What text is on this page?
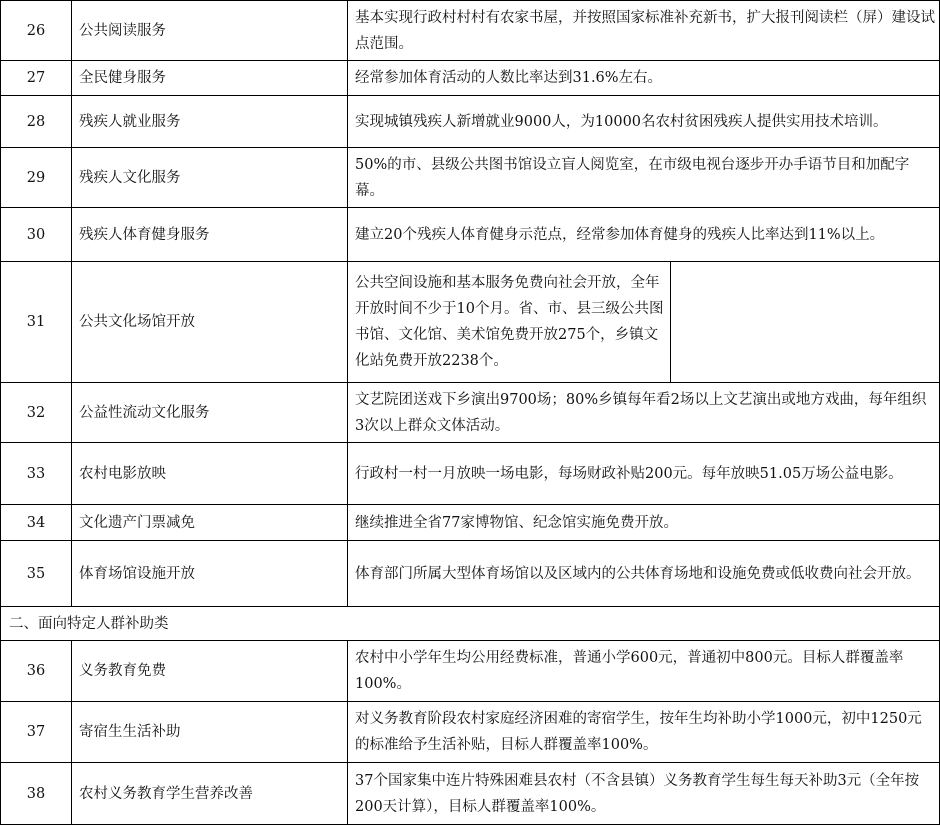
26	公共阅读服务	基本实现行政村村村有农家书屋，并按照国家标准补充新书，扩大报刊阅读栏（屏）建设试点范围。	

27	全民健身服务	经常参加体育活动的人数比率达到31.6%左右。	

28	残疾人就业服务	实现城镇残疾人新增就业9000人，为10000名农村贫困残疾人提供实用技术培训。	

29	残疾人文化服务	50%的市、县级公共图书馆设立盲人阅览室，在市级电视台逐步开办手语节目和加配字幕。	

30	残疾人体育健身服务	建立20个残疾人体育健身示范点，经常参加体育健身的残疾人比率达到11%以上。	

31	公共文化场馆开放	公共空间设施和基本服务免费向社会开放，全年开放时间不少于10个月。省、市、县三级公共图书馆、文化馆、美术馆免费开放275个，乡镇文化站免费开放2238个。	
32	公益性流动文化服务	文艺院团送戏下乡演出9700场；80%乡镇每年看2场以上文艺演出或地方戏曲，每年组织3次以上群众文体活动。	

33	农村电影放映	行政村一村一月放映一场电影，每场财政补贴200元。每年放映51.05万场公益电影。	

34	文化遗产门票减免	继续推进全省77家博物馆、纪念馆实施免费开放。	

35	体育场馆设施开放	体育部门所属大型体育场馆以及区域内的公共体育场地和设施免费或低收费向社会开放。	

二、面向特定人群补助类			
36	义务教育免费	农村中小学年生均公用经费标准，普通小学600元，普通初中800元。目标人群覆盖率100%。	

37	寄宿生生活补助	对义务教育阶段农村家庭经济困难的寄宿学生，按年生均补助小学1000元，初中1250元的标准给予生活补贴，目标人群覆盖率100%。	

38	农村义务教育学生营养改善	37个国家集中连片特殊困难县农村（不含县镇）义务教育学生每生每天补助3元（全年按200天计算），目标人群覆盖率100%。	
